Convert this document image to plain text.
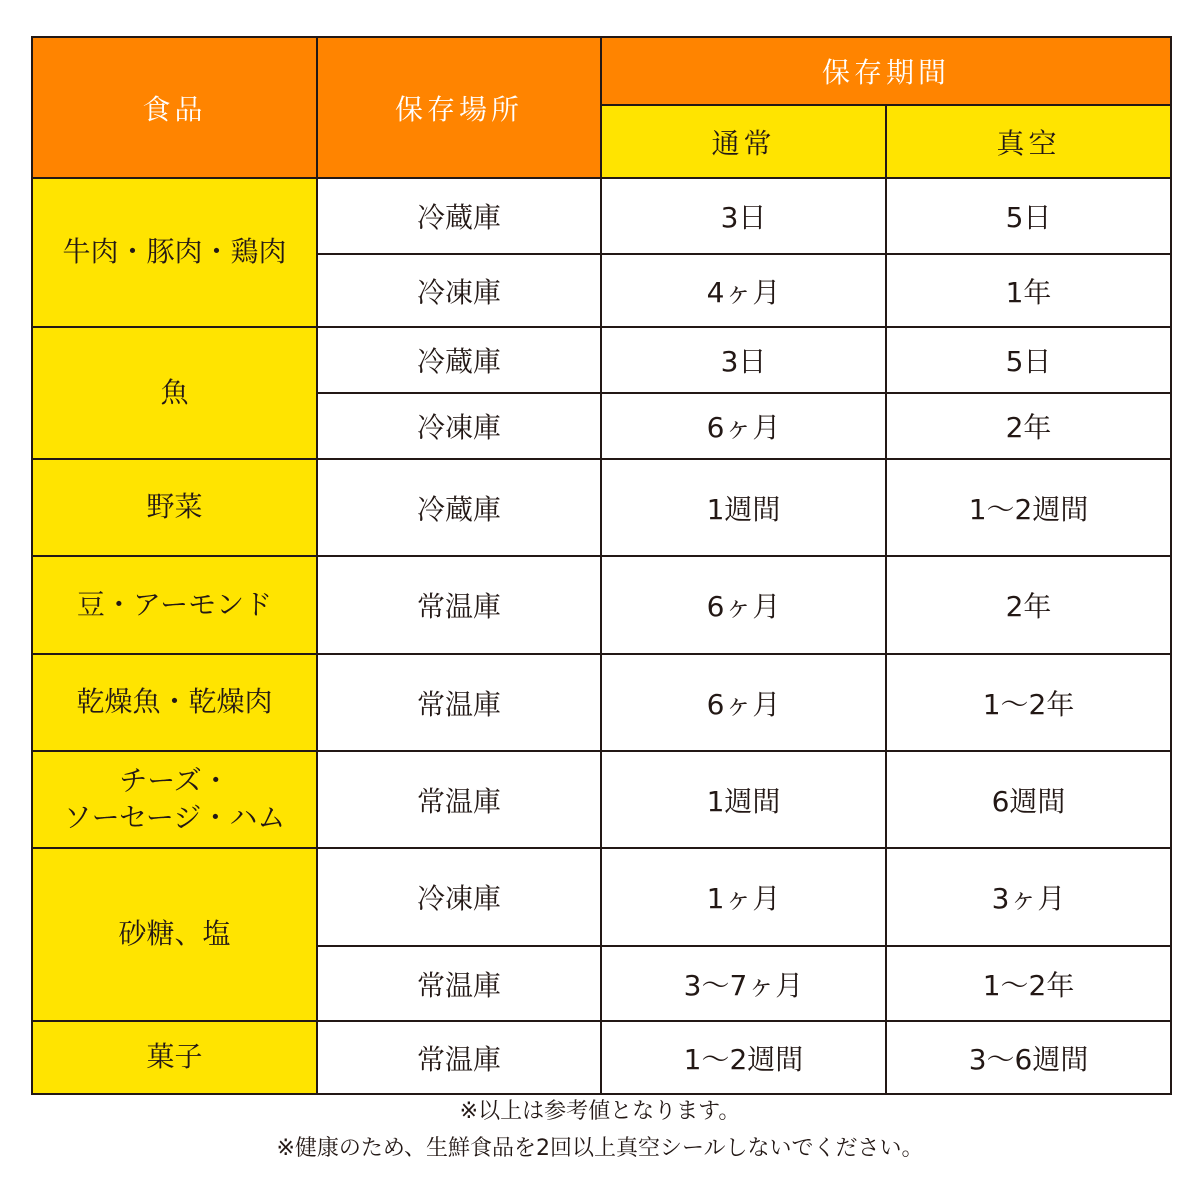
食品	保存場所	保存期間	
		通常	真空
牛肉・豚肉・鶏肉	冷蔵庫	3日	5日
	冷凍庫	4ヶ月	1年
魚	冷蔵庫	3日	5日
	冷凍庫	6ヶ月	2年
野菜	冷蔵庫	1週間	1〜2週間
豆・アーモンド	常温庫	6ヶ月	2年
乾燥魚・乾燥肉	常温庫	6ヶ月	1〜2年
チーズ・
ソーセージ・ハム	常温庫	1週間	6週間
砂糖、塩	冷凍庫	1ヶ月	3ヶ月
	常温庫	3〜7ヶ月	1〜2年
菓子	常温庫	1〜2週間	3〜6週間
※以上は参考値となります。
※健康のため、生鮮食品を2回以上真空シールしないでください。
